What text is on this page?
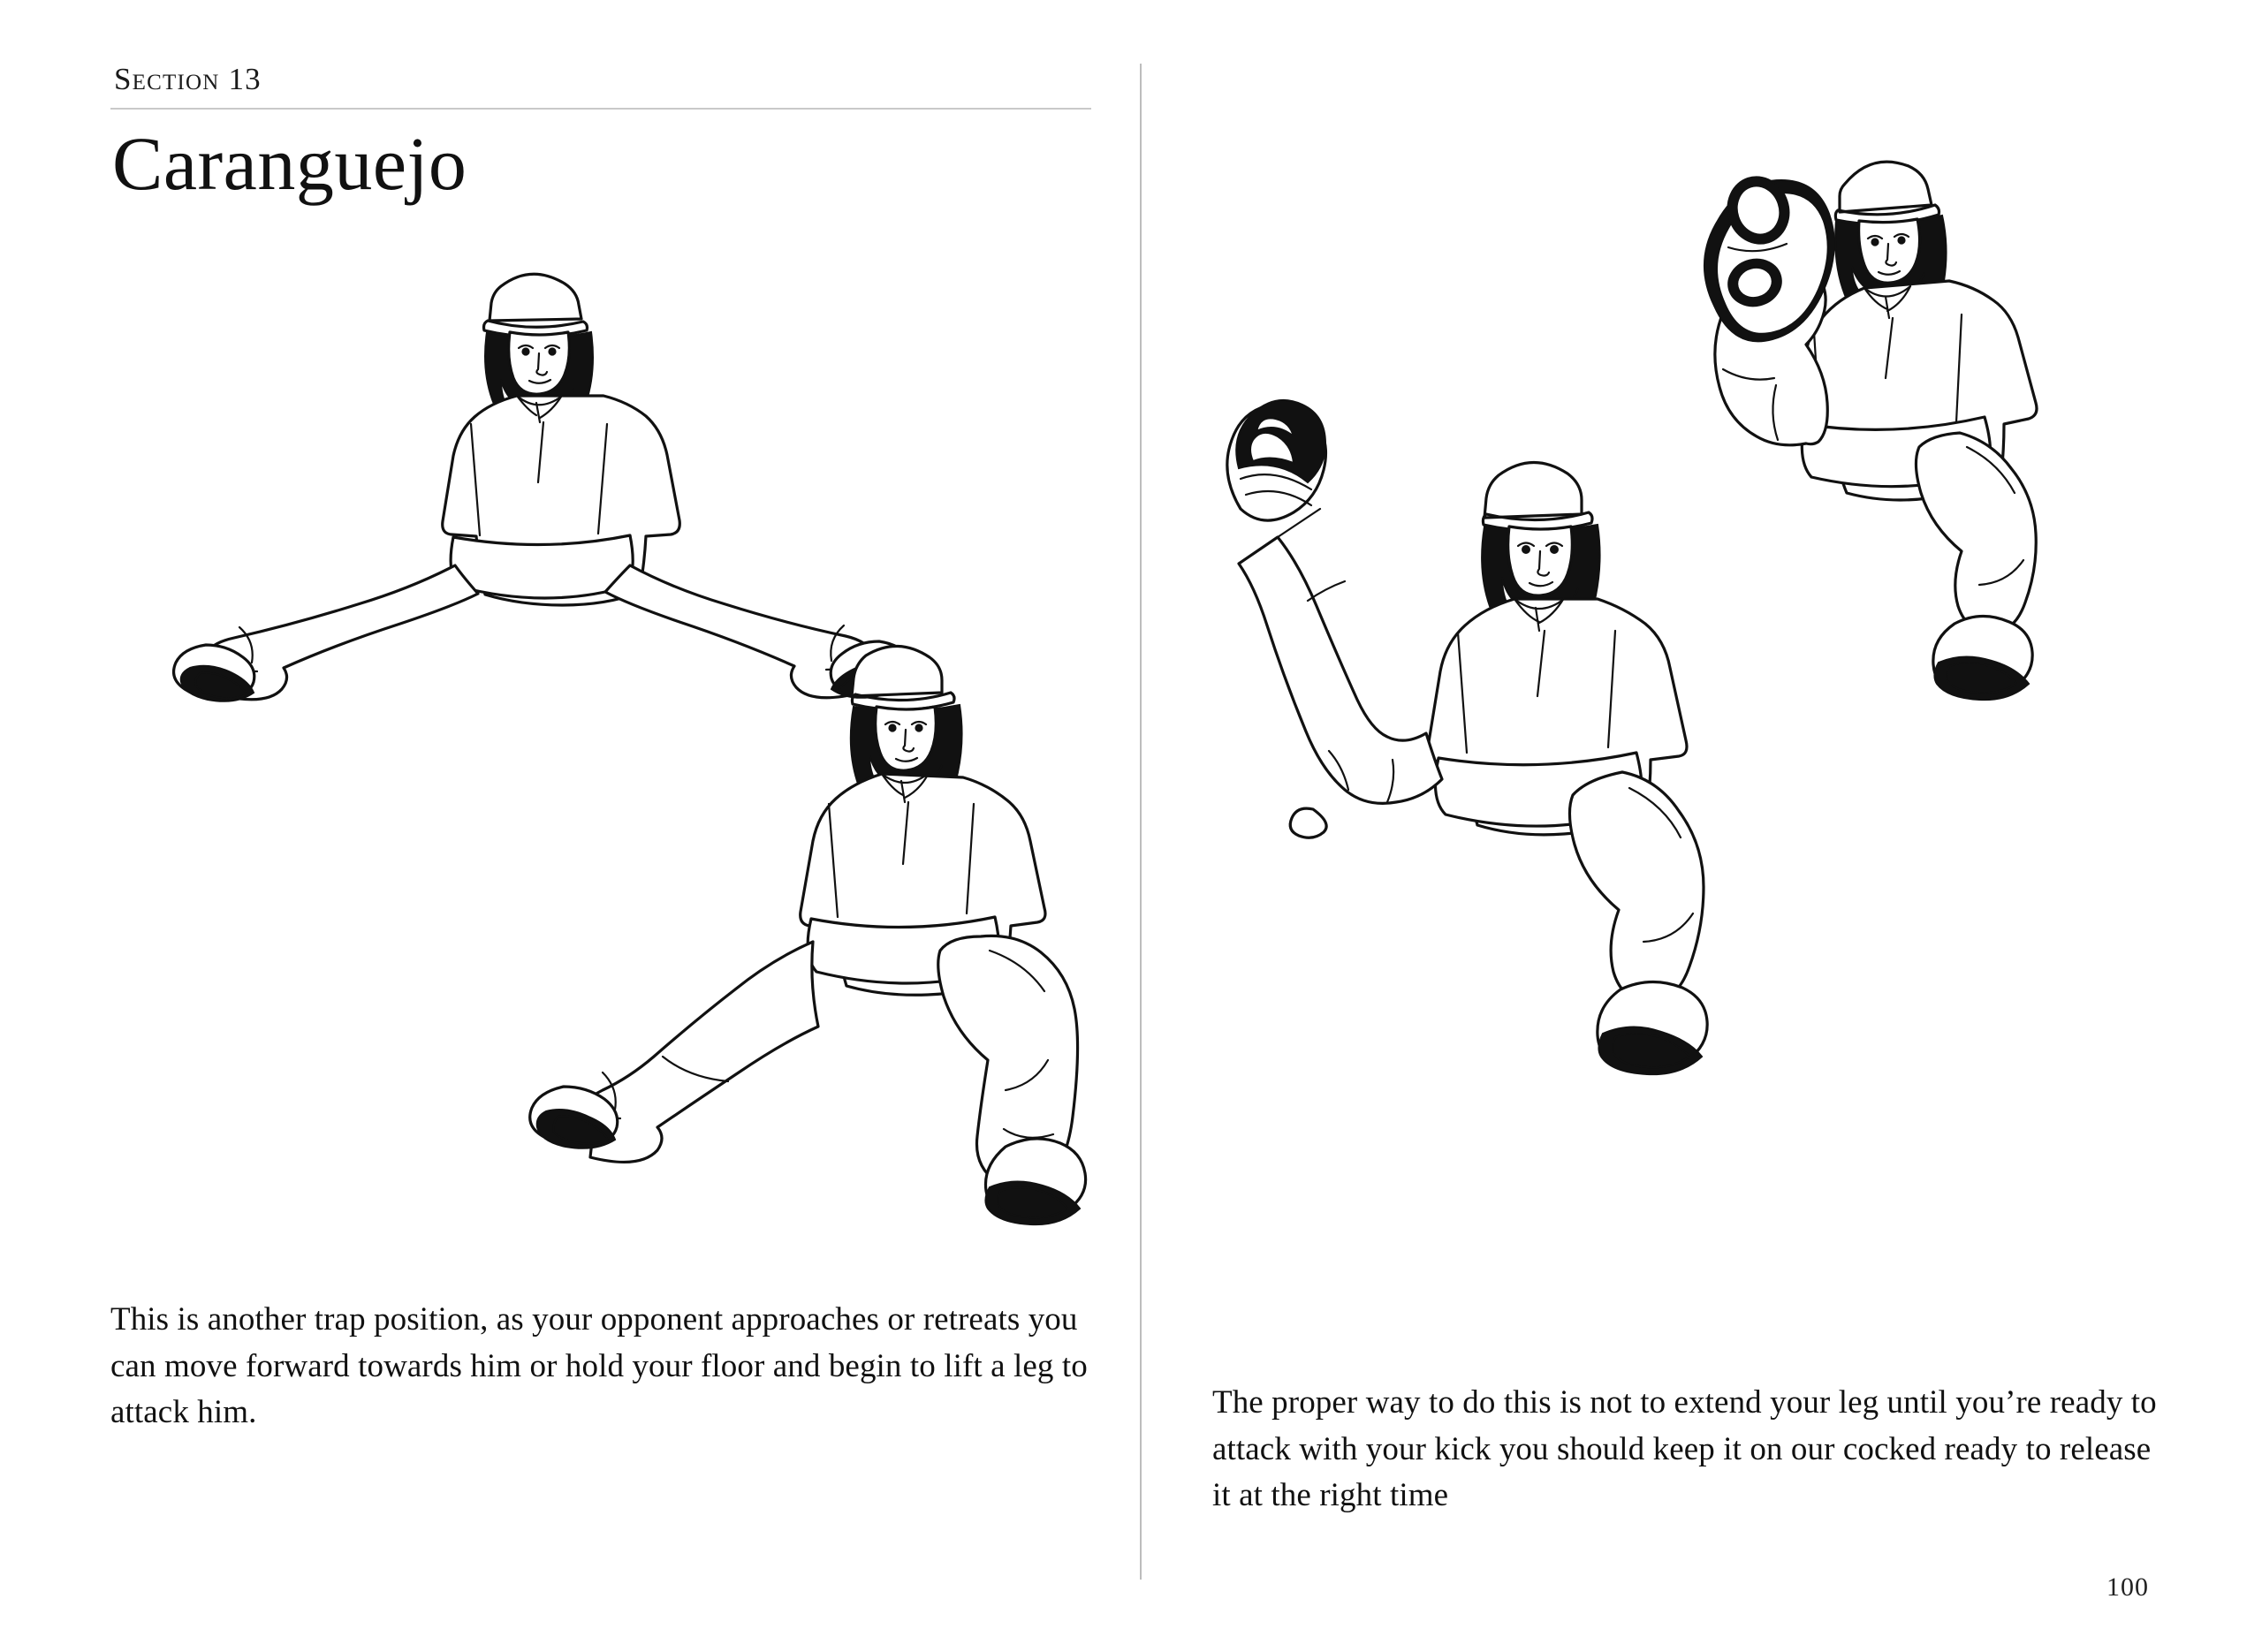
Section 13
Caranguejo
This is another trap position, as your opponent approaches or retreats you can move forward towards him or hold your floor and begin to lift a leg to attack him.	The proper way to do this is not to extend your leg until you’re ready to attack with your kick you should keep it on our cocked ready to release it at the right time
100
